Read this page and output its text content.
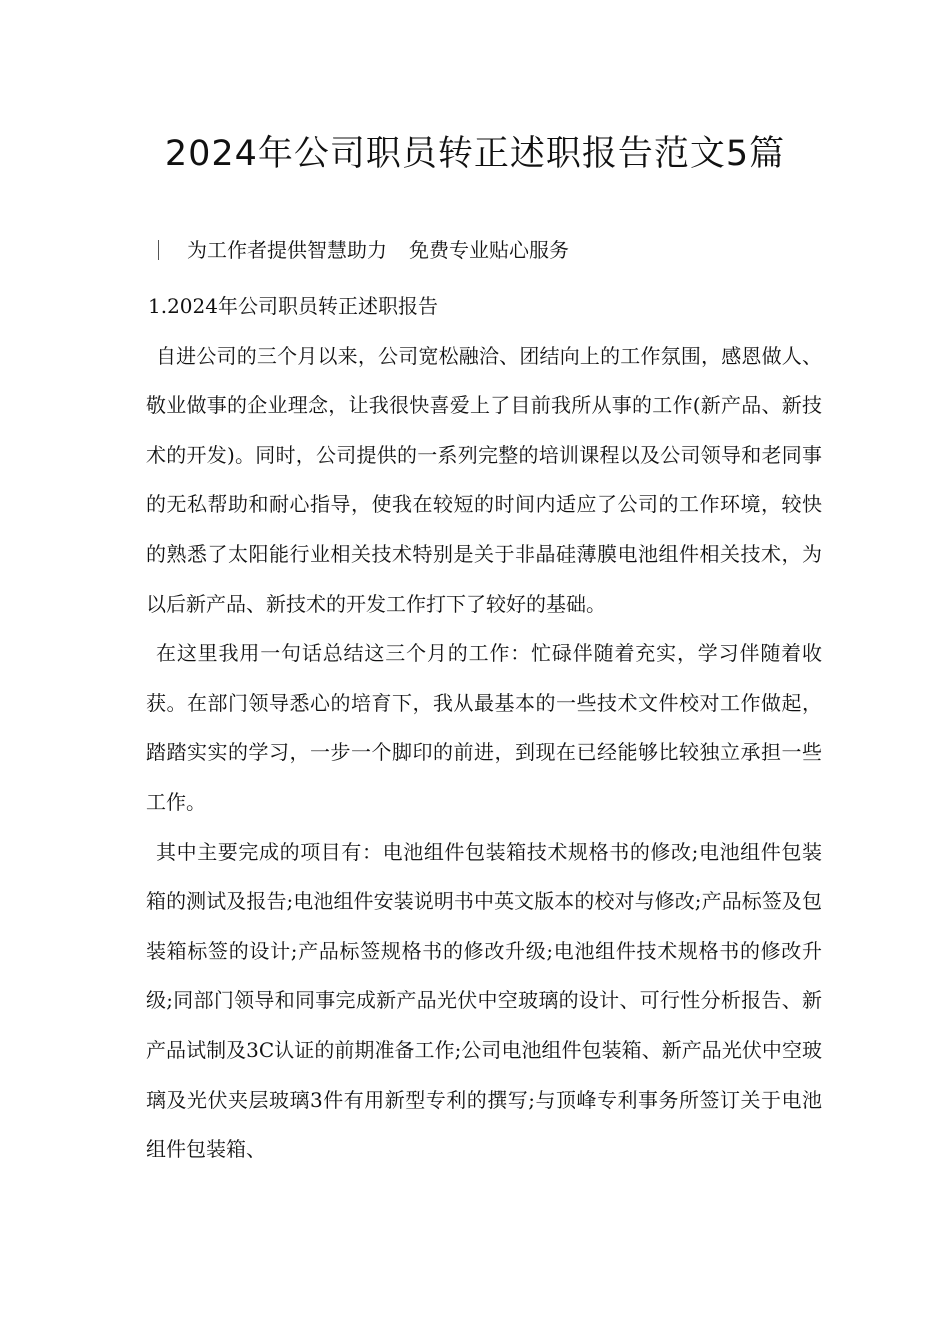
2024年公司职员转正述职报告范文5篇
为工作者提供智慧助力 免费专业贴心服务

1.2024年公司职员转正述职报告

自进公司的三个月以来，公司宽松融洽、团结向上的工作氛围，感恩做人、敬业做事的企业理念，让我很快喜爱上了目前我所从事的工作(新产品、新技术的开发)。同时，公司提供的一系列完整的培训课程以及公司领导和老同事的无私帮助和耐心指导，使我在较短的时间内适应了公司的工作环境，较快的熟悉了太阳能行业相关技术特别是关于非晶硅薄膜电池组件相关技术，为以后新产品、新技术的开发工作打下了较好的基础。

在这里我用一句话总结这三个月的工作：忙碌伴随着充实，学习伴随着收获。在部门领导悉心的培育下，我从最基本的一些技术文件校对工作做起，踏踏实实的学习，一步一个脚印的前进，到现在已经能够比较独立承担一些工作。

其中主要完成的项目有：电池组件包装箱技术规格书的修改;电池组件包装箱的测试及报告;电池组件安装说明书中英文版本的校对与修改;产品标签及包装箱标签的设计;产品标签规格书的修改升级;电池组件技术规格书的修改升级;同部门领导和同事完成新产品光伏中空玻璃的设计、可行性分析报告、新产品试制及3C认证的前期准备工作;公司电池组件包装箱、新产品光伏中空玻璃及光伏夹层玻璃3件有用新型专利的撰写;与顶峰专利事务所签订关于电池组件包装箱、
